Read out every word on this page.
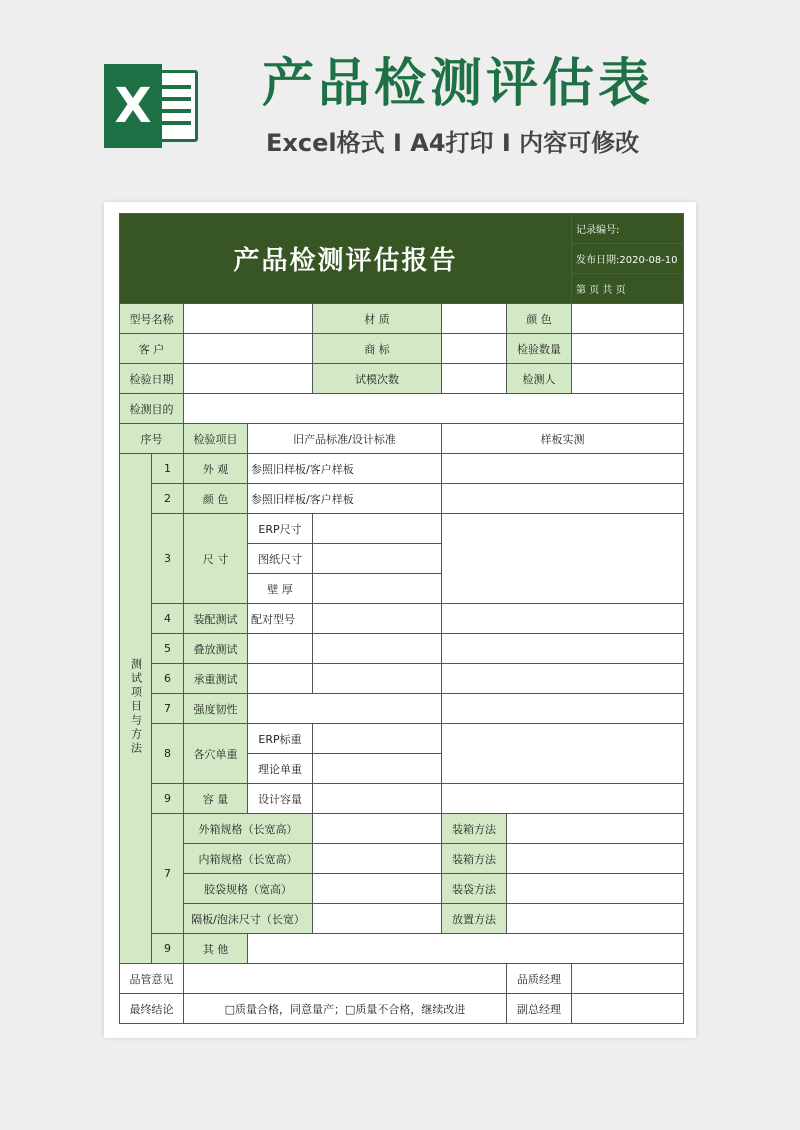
X 产品检测评估表
Excel格式 I A4打印 I 内容可修改
产品检测评估报告							记录编号:
							发布日期:2020-08-10
							第 页 共 页
型号名称				材 质		颜 色	
客 户				商 标		检验数量	
检验日期				试模次数		检测人	
检测目的							
序号		检验项目	旧产品标准/设计标准		样板实测		
测试项目与方法	1	外 观	参照旧样板/客户样板				
	2	颜 色	参照旧样板/客户样板				
	3	尺 寸	ERP尺寸				
			图纸尺寸				
			壁 厚				
	4	装配测试	配对型号				
	5	叠放测试					
	6	承重测试					
	7	强度韧性					
	8	各穴单重	ERP标重				
			理论单重				
	9	容 量	设计容量				
	7	外箱规格（长宽高）			装箱方法		
		内箱规格（长宽高）			装箱方法		
		胶袋规格（宽高）			装袋方法		
		隔板/泡沫尺寸（长宽）			放置方法		
	9	其 他					
品管意见						品质经理	
最终结论		□质量合格，同意量产；□质量不合格，继续改进				副总经理	
